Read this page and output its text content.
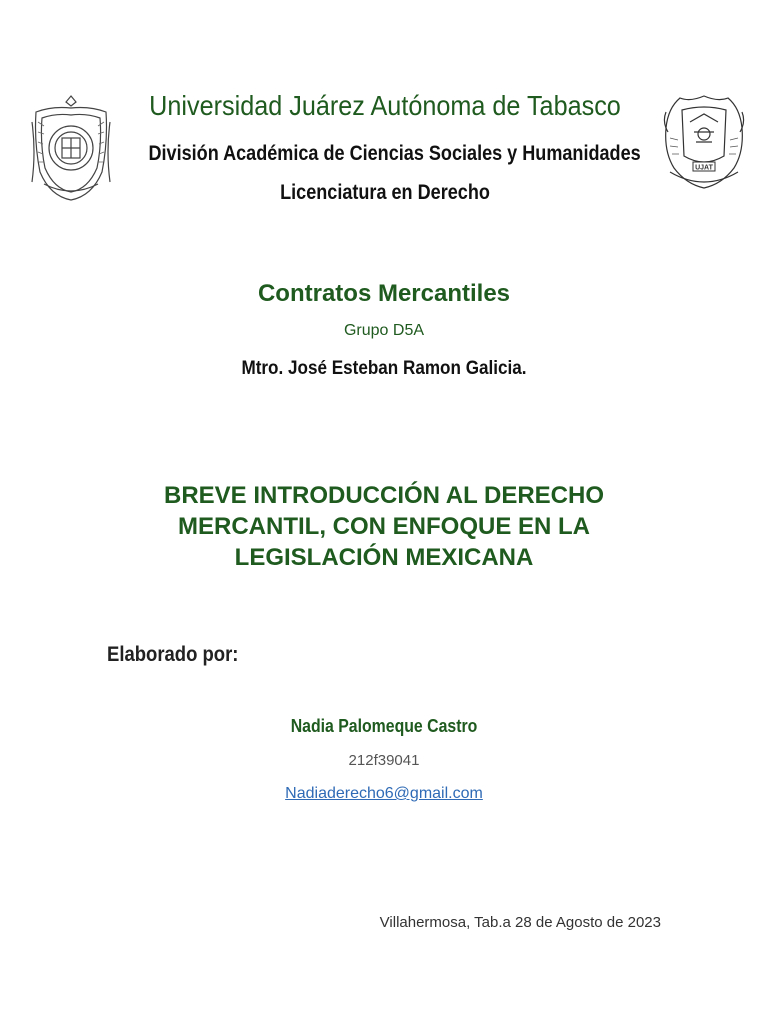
UJAT
Universidad Juárez Autónoma de Tabasco
División Académica de Ciencias Sociales y Humanidades
Licenciatura en Derecho
Contratos Mercantiles
Grupo D5A
Mtro. José Esteban Ramon Galicia.
BREVE INTRODUCCIÓN AL DERECHO
MERCANTIL, CON ENFOQUE EN LA
LEGISLACIÓN MEXICANA
Elaborado por:
Nadia Palomeque Castro
212f39041
Nadiaderecho6@gmail.com
Villahermosa, Tab.a 28 de Agosto de 2023
